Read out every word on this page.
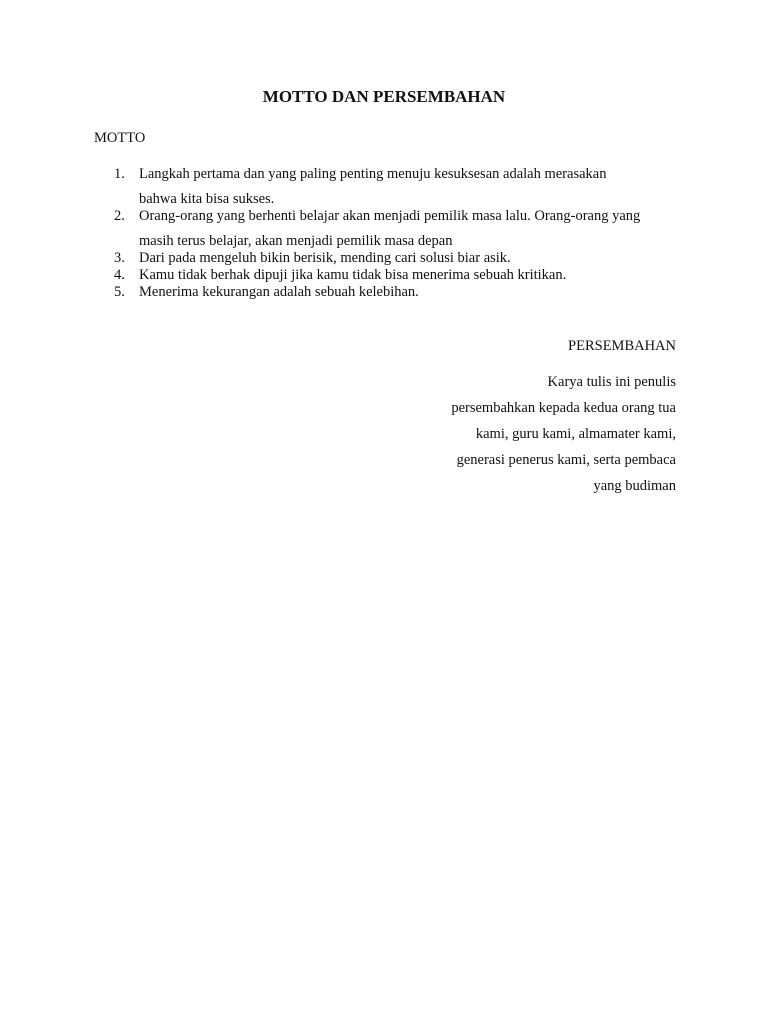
MOTTO DAN PERSEMBAHAN
MOTTO
1. Langkah pertama dan yang paling penting menuju kesuksesan adalah merasakan
bahwa kita bisa sukses.
2. Orang-orang yang berhenti belajar akan menjadi pemilik masa lalu. Orang-orang yang
masih terus belajar, akan menjadi pemilik masa depan
3. Dari pada mengeluh bikin berisik, mending cari solusi biar asik.
4. Kamu tidak berhak dipuji jika kamu tidak bisa menerima sebuah kritikan.
5. Menerima kekurangan adalah sebuah kelebihan.
PERSEMBAHAN
Karya tulis ini penulis
persembahkan kepada kedua orang tua
kami, guru kami, almamater kami,
generasi penerus kami, serta pembaca
yang budiman
